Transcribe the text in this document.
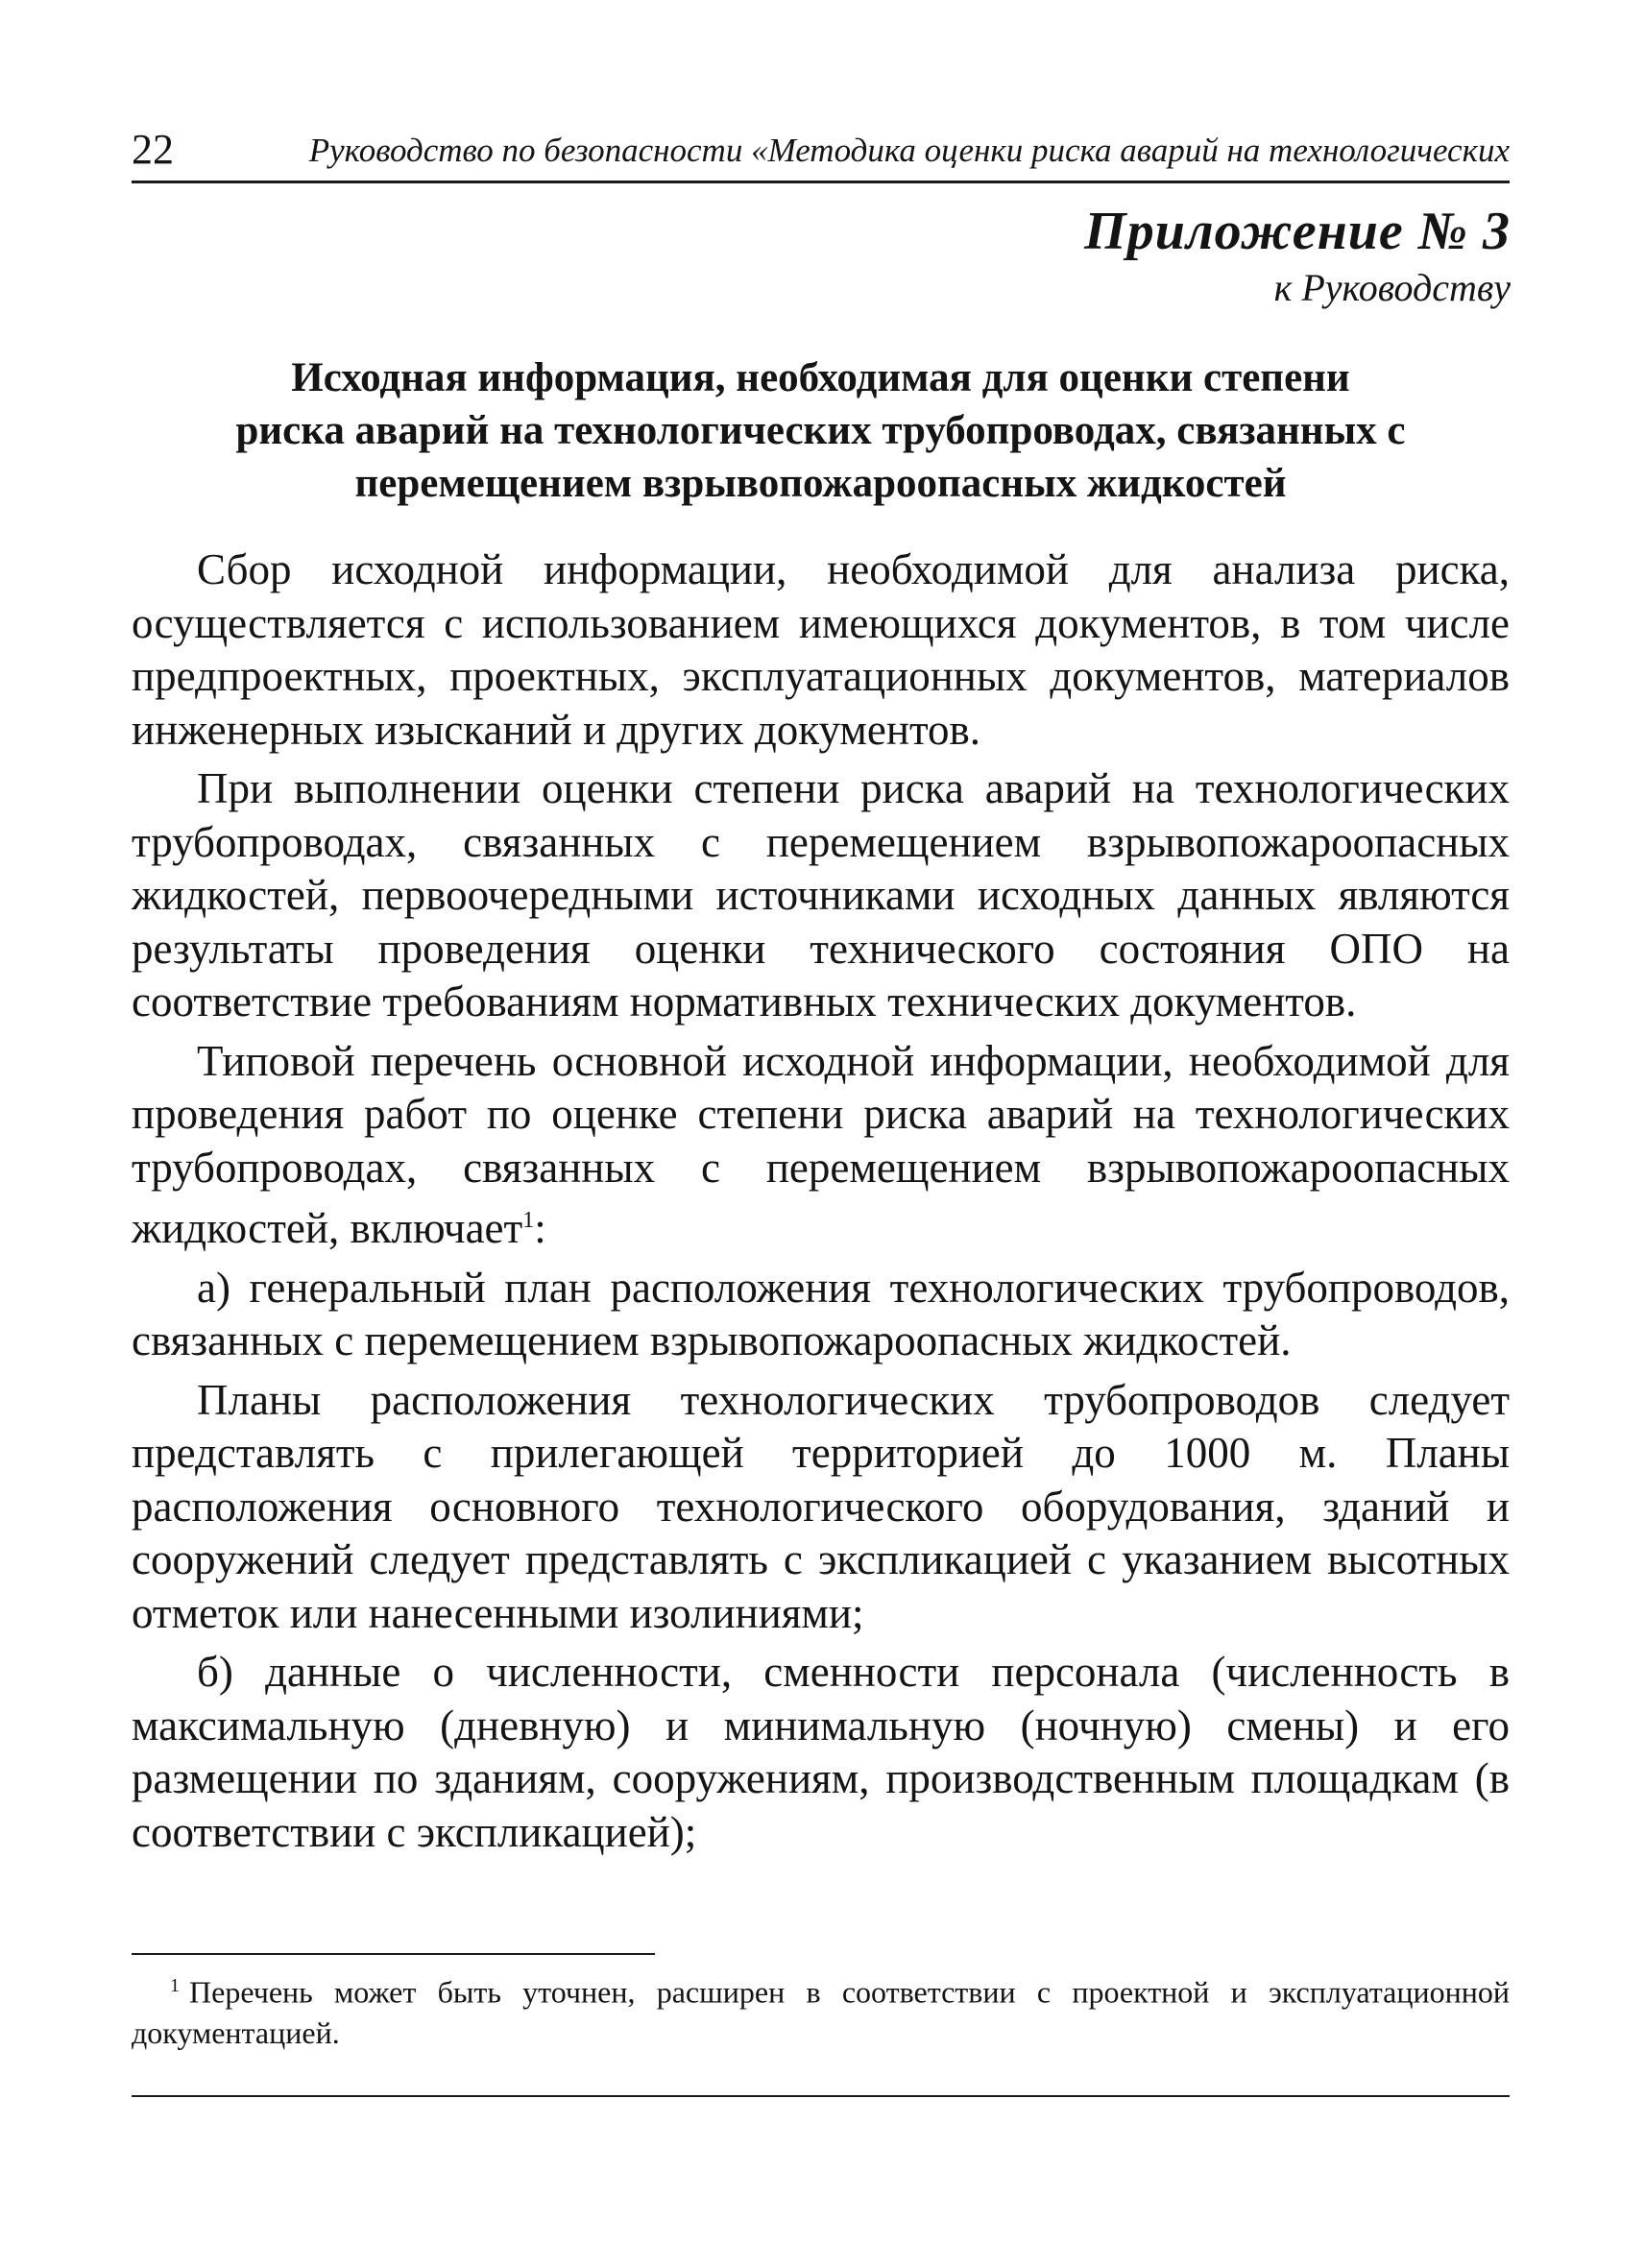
22	Руководство по безопасности «Методика оценки риска аварий на технологических
Приложение № 3
к Руководству
Исходная информация, необходимая для оценки степени
риска аварий на технологических трубопроводах, связанных с
перемещением взрывопожароопасных жидкостей

Сбор исходной информации, необходимой для анализа риска, осуществляется с использованием имеющихся документов, в том числе предпроектных, проектных, эксплуатационных документов, материалов инженерных изысканий и других документов.

При выполнении оценки степени риска аварий на технологических трубопроводах, связанных с перемещением взрывопожароопасных жидкостей, первоочередными источниками исходных данных являются результаты проведения оценки технического состояния ОПО на соответствие требованиям нормативных технических документов.

Типовой перечень основной исходной информации, необходимой для проведения работ по оценке степени риска аварий на технологических трубопроводах, связанных с перемещением взрывопожароопасных жидкостей, включает$^1$:

а) генеральный план расположения технологических трубопроводов, связанных с перемещением взрывопожароопасных жидкостей.

Планы расположения технологических трубопроводов следует представлять с прилегающей территорией до 1000 м. Планы расположения основного технологического оборудования, зданий и сооружений следует представлять с экспликацией с указанием высотных отметок или нанесенными изолиниями;

б) данные о численности, сменности персонала (численность в максимальную (дневную) и минимальную (ночную) смены) и его размещении по зданиям, сооружениям, производственным площадкам (в соответствии с экспликацией);

$^1$ Перечень может быть уточнен, расширен в соответствии с проектной и эксплуатационной документацией.
